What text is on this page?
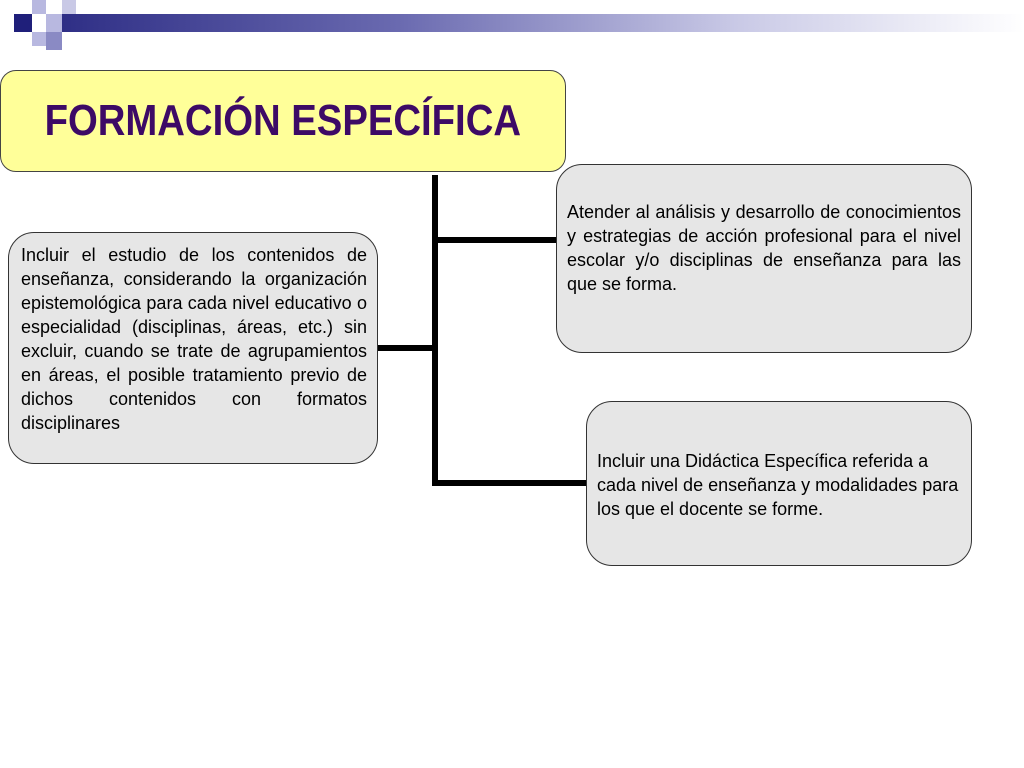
FORMACIÓN ESPECÍFICA

Incluir el estudio de los contenidos de enseñanza, considerando la organización epistemológica para cada nivel educativo o especialidad (disciplinas, áreas, etc.) sin excluir, cuando se trate de agrupamientos en áreas, el posible tratamiento previo de dichos contenidos con formatos disciplinares

Atender al análisis y desarrollo de conocimientos y estrategias de acción profesional para el nivel escolar y/o disciplinas de enseñanza para las que se forma.

Incluir una Didáctica Específica referida a cada nivel de enseñanza y modalidades para los que el docente se forme.
